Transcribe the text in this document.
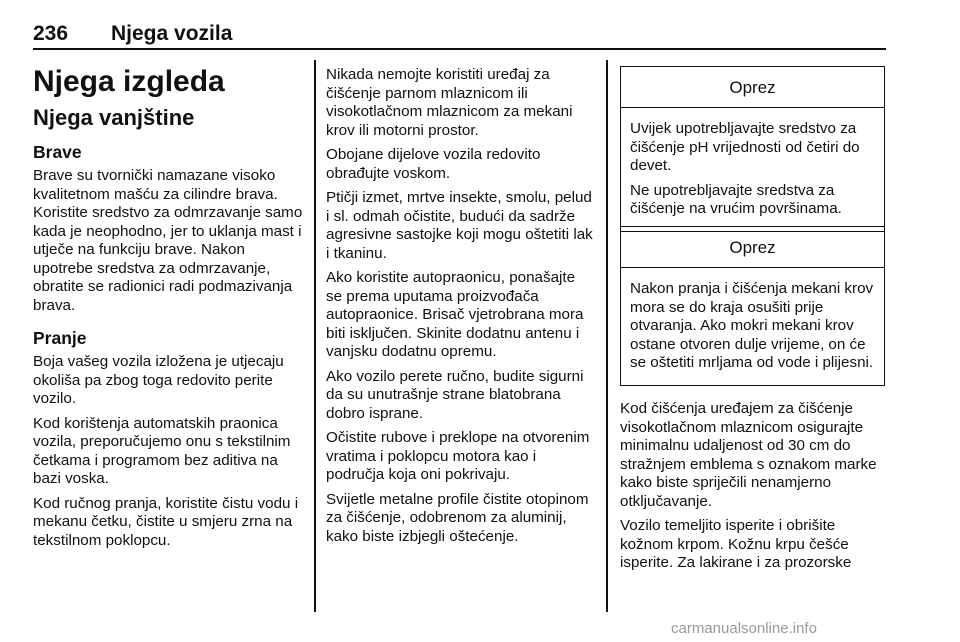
236 Njega vozila
Njega izgleda
Njega vanjštine
Brave

Brave su tvornički namazane visoko kvalitetnom mašću za cilindre brava. Koristite sredstvo za odmrzavanje samo kada je neophodno, jer to uklanja mast i utječe na funkciju brave. Nakon upotrebe sredstva za odmrzavanje, obratite se radionici radi podmazivanja brava.

Pranje

Boja vašeg vozila izložena je utjecaju okoliša pa zbog toga redovito perite vozilo.

Kod korištenja automatskih praonica vozila, preporučujemo onu s tekstilnim četkama i programom bez aditiva na bazi voska.

Kod ručnog pranja, koristite čistu vodu i mekanu četku, čistite u smjeru zrna na tekstilnom poklopcu.

Nikada nemojte koristiti uređaj za čišćenje parnom mlaznicom ili visokotlačnom mlaznicom za mekani krov ili motorni prostor.

Obojane dijelove vozila redovito obrađujte voskom.

Ptičji izmet, mrtve insekte, smolu, pelud i sl. odmah očistite, budući da sadrže agresivne sastojke koji mogu oštetiti lak i tkaninu.

Ako koristite autopraonicu, ponašajte se prema uputama proizvođača autopraonice. Brisač vjetrobrana mora biti isključen. Skinite dodatnu antenu i vanjsku dodatnu opremu.

Ako vozilo perete ručno, budite sigurni da su unutrašnje strane blatobrana dobro isprane.

Očistite rubove i preklope na otvorenim vratima i poklopcu motora kao i područja koja oni pokrivaju.

Svijetle metalne profile čistite otopinom za čišćenje, odobrenom za aluminij, kako biste izbjegli oštećenje.

Oprez

Uvijek upotrebljavajte sredstvo za čišćenje pH vrijednosti od četiri do devet.

Ne upotrebljavajte sredstva za čišćenje na vrućim površinama.

Oprez

Nakon pranja i čišćenja mekani krov mora se do kraja osušiti prije otvaranja. Ako mokri mekani krov ostane otvoren dulje vrijeme, on će se oštetiti mrljama od vode i plijesni.

Kod čišćenja uređajem za čišćenje visokotlačnom mlaznicom osigurajte minimalnu udaljenost od 30 cm do stražnjem emblema s oznakom marke kako biste spriječili nenamjerno otključavanje.

Vozilo temeljito isperite i obrišite kožnom krpom. Kožnu krpu češće isperite. Za lakirane i za prozorske

carmanualsonline.info
